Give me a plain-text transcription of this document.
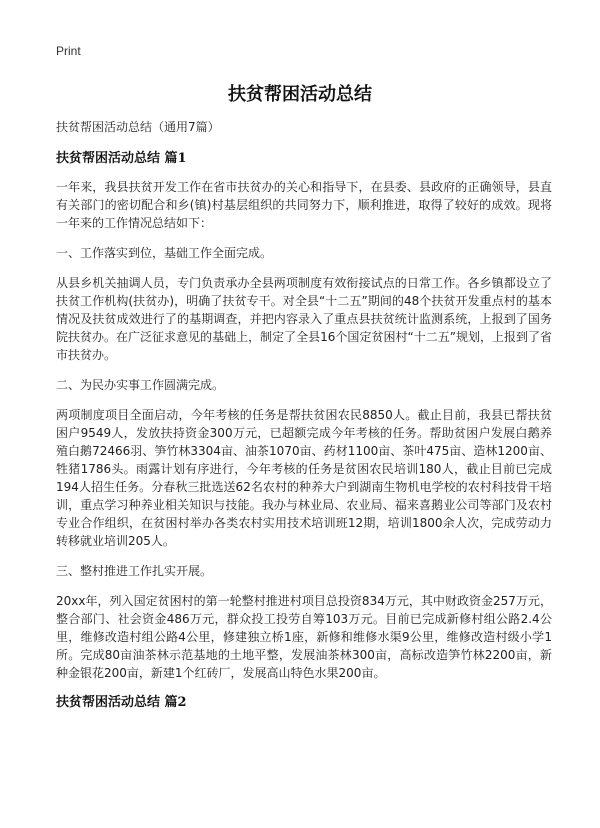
Print
扶贫帮困活动总结

扶贫帮困活动总结（通用7篇）

扶贫帮困活动总结 篇1

一年来，我县扶贫开发工作在省市扶贫办的关心和指导下，在县委、县政府的正确领导，县直有关部门的密切配合和乡(镇)村基层组织的共同努力下，顺利推进，取得了较好的成效。现将一年来的工作情况总结如下：

一、工作落实到位，基础工作全面完成。

从县乡机关抽调人员，专门负责承办全县两项制度有效衔接试点的日常工作。各乡镇都设立了扶贫工作机构(扶贫办)，明确了扶贫专干。对全县“十二五”期间的48个扶贫开发重点村的基本情况及扶贫成效进行了的基期调查，并把内容录入了重点县扶贫统计监测系统，上报到了国务院扶贫办。在广泛征求意见的基础上，制定了全县16个国定贫困村“十二五”规划，上报到了省市扶贫办。

二、为民办实事工作圆满完成。

两项制度项目全面启动，今年考核的任务是帮扶贫困农民8850人。截止目前，我县已帮扶贫困户9549人，发放扶持资金300万元，已超额完成今年考核的任务。帮助贫困户发展白鹅养殖白鹅72466羽、笋竹林3304亩、油茶1070亩、药材1100亩、茶叶475亩、造林1200亩、牲猪1786头。雨露计划有序进行，今年考核的任务是贫困农民培训180人，截止目前已完成194人招生任务。分春秋三批选送62名农村的种养大户到湖南生物机电学校的农村科技骨干培训，重点学习种养业相关知识与技能。我办与林业局、农业局、福来喜鹅业公司等部门及农村专业合作组织，在贫困村举办各类农村实用技术培训班12期，培训1800余人次，完成劳动力转移就业培训205人。

三、整村推进工作扎实开展。

20xx年，列入国定贫困村的第一轮整村推进村项目总投资834万元，其中财政资金257万元，整合部门、社会资金486万元，群众投工投劳自筹103万元。目前已完成新修村组公路2.4公里，维修改造村组公路4公里，修建独立桥1座，新修和维修水渠9公里，维修改造村级小学1所。完成80亩油茶林示范基地的土地平整，发展油茶林300亩，高标改造笋竹林2200亩，新种金银花200亩，新建1个红砖厂，发展高山特色水果200亩。

扶贫帮困活动总结 篇2
